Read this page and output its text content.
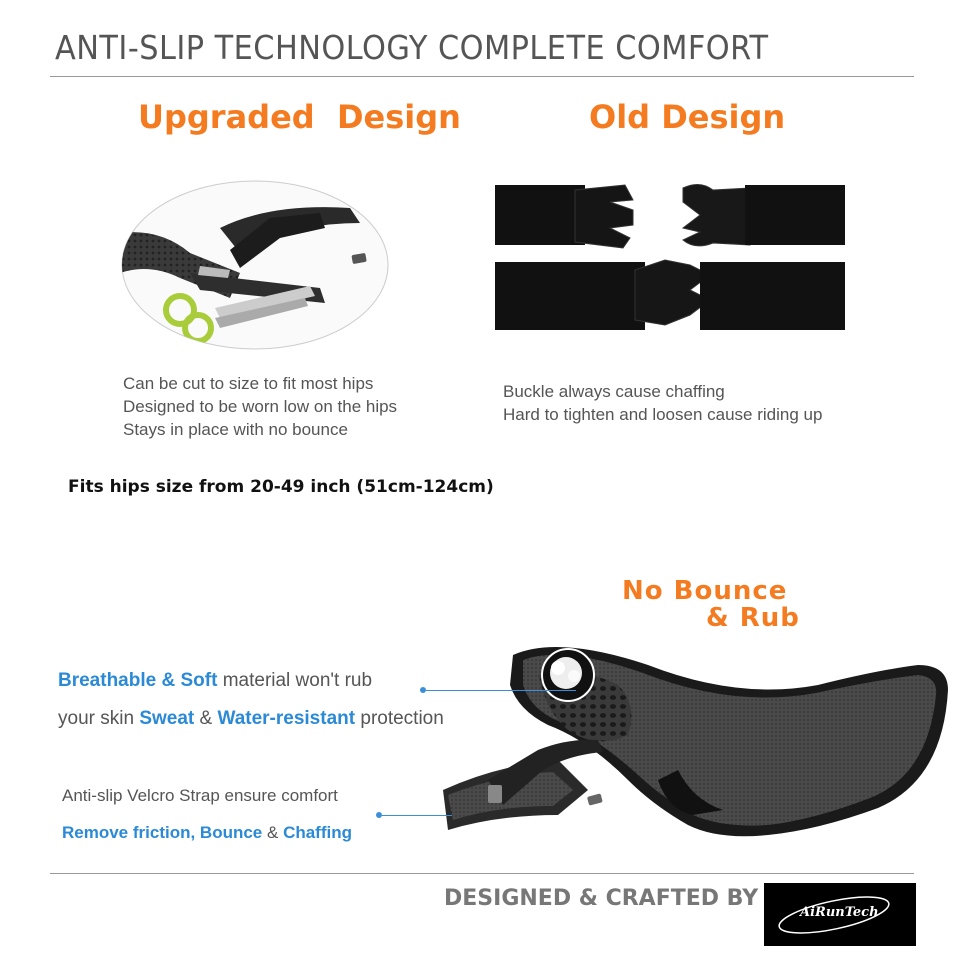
ANTI-SLIP TECHNOLOGY COMPLETE COMFORT
Upgraded  Design	Old Design
Can be cut to size to fit most hips
Designed to be worn low on the hips
Stays in place with no bounce
Buckle always cause chaffing
Hard to tighten and loosen cause riding up
Fits hips size from 20-49 inch (51cm-124cm)
No Bounce
& Rub
Breathable & Soft material won't rub
your skin Sweat & Water-resistant protection
Anti-slip Velcro Strap ensure comfort
Remove friction, Bounce & Chaffing
DESIGNED & CRAFTED BY
AiRunTech
